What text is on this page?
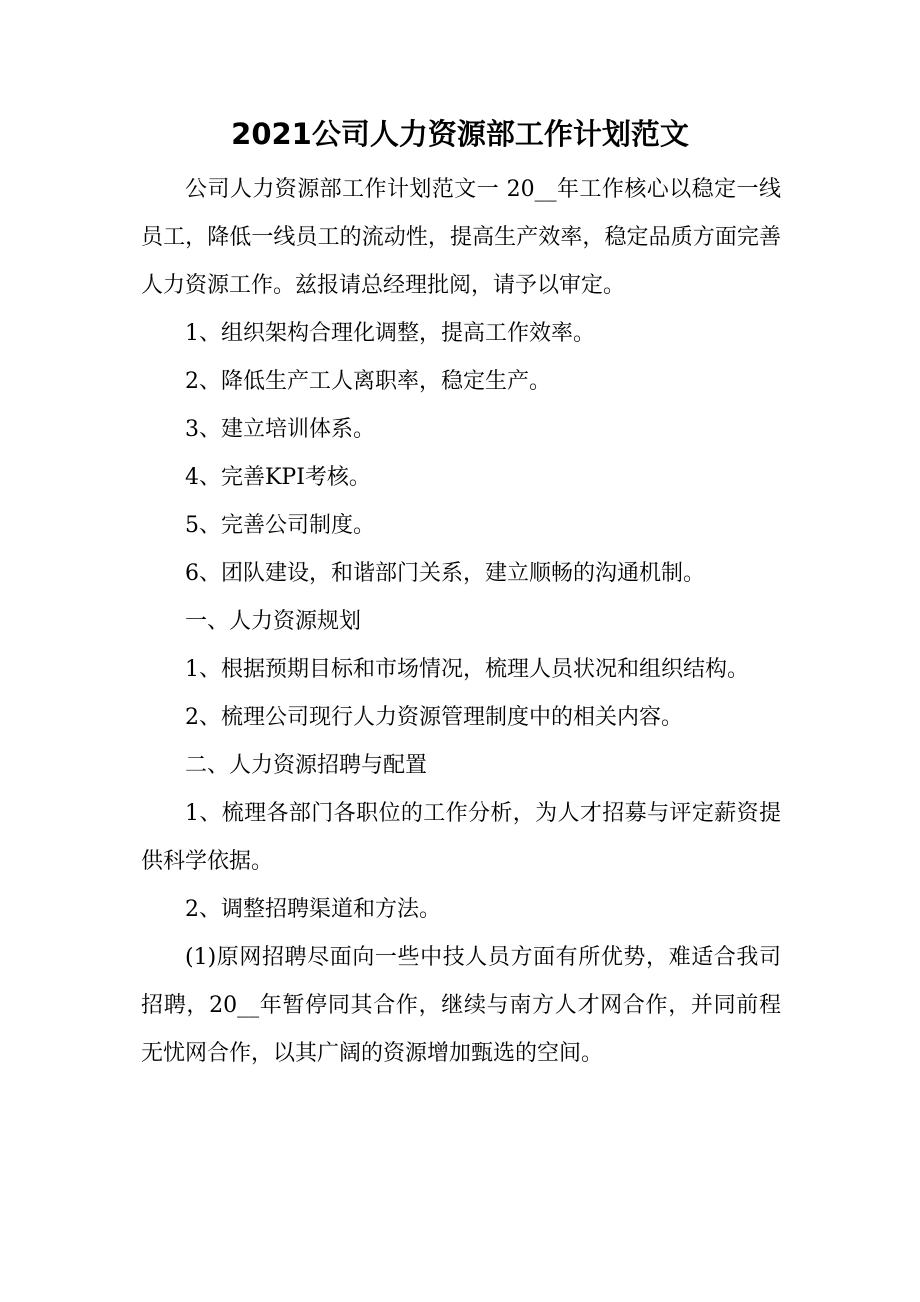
2021公司人力资源部工作计划范文

公司人力资源部工作计划范文一 20__年工作核心以稳定一线员工，降低一线员工的流动性，提高生产效率，稳定品质方面完善人力资源工作。兹报请总经理批阅，请予以审定。

1、组织架构合理化调整，提高工作效率。

2、降低生产工人离职率，稳定生产。

3、建立培训体系。

4、完善KPI考核。

5、完善公司制度。

6、团队建设，和谐部门关系，建立顺畅的沟通机制。

一、人力资源规划

1、根据预期目标和市场情况，梳理人员状况和组织结构。

2、梳理公司现行人力资源管理制度中的相关内容。

二、人力资源招聘与配置

1、梳理各部门各职位的工作分析，为人才招募与评定薪资提供科学依据。

2、调整招聘渠道和方法。

(1)原网招聘尽面向一些中技人员方面有所优势，难适合我司招聘，20__年暂停同其合作，继续与南方人才网合作，并同前程无忧网合作，以其广阔的资源增加甄选的空间。
